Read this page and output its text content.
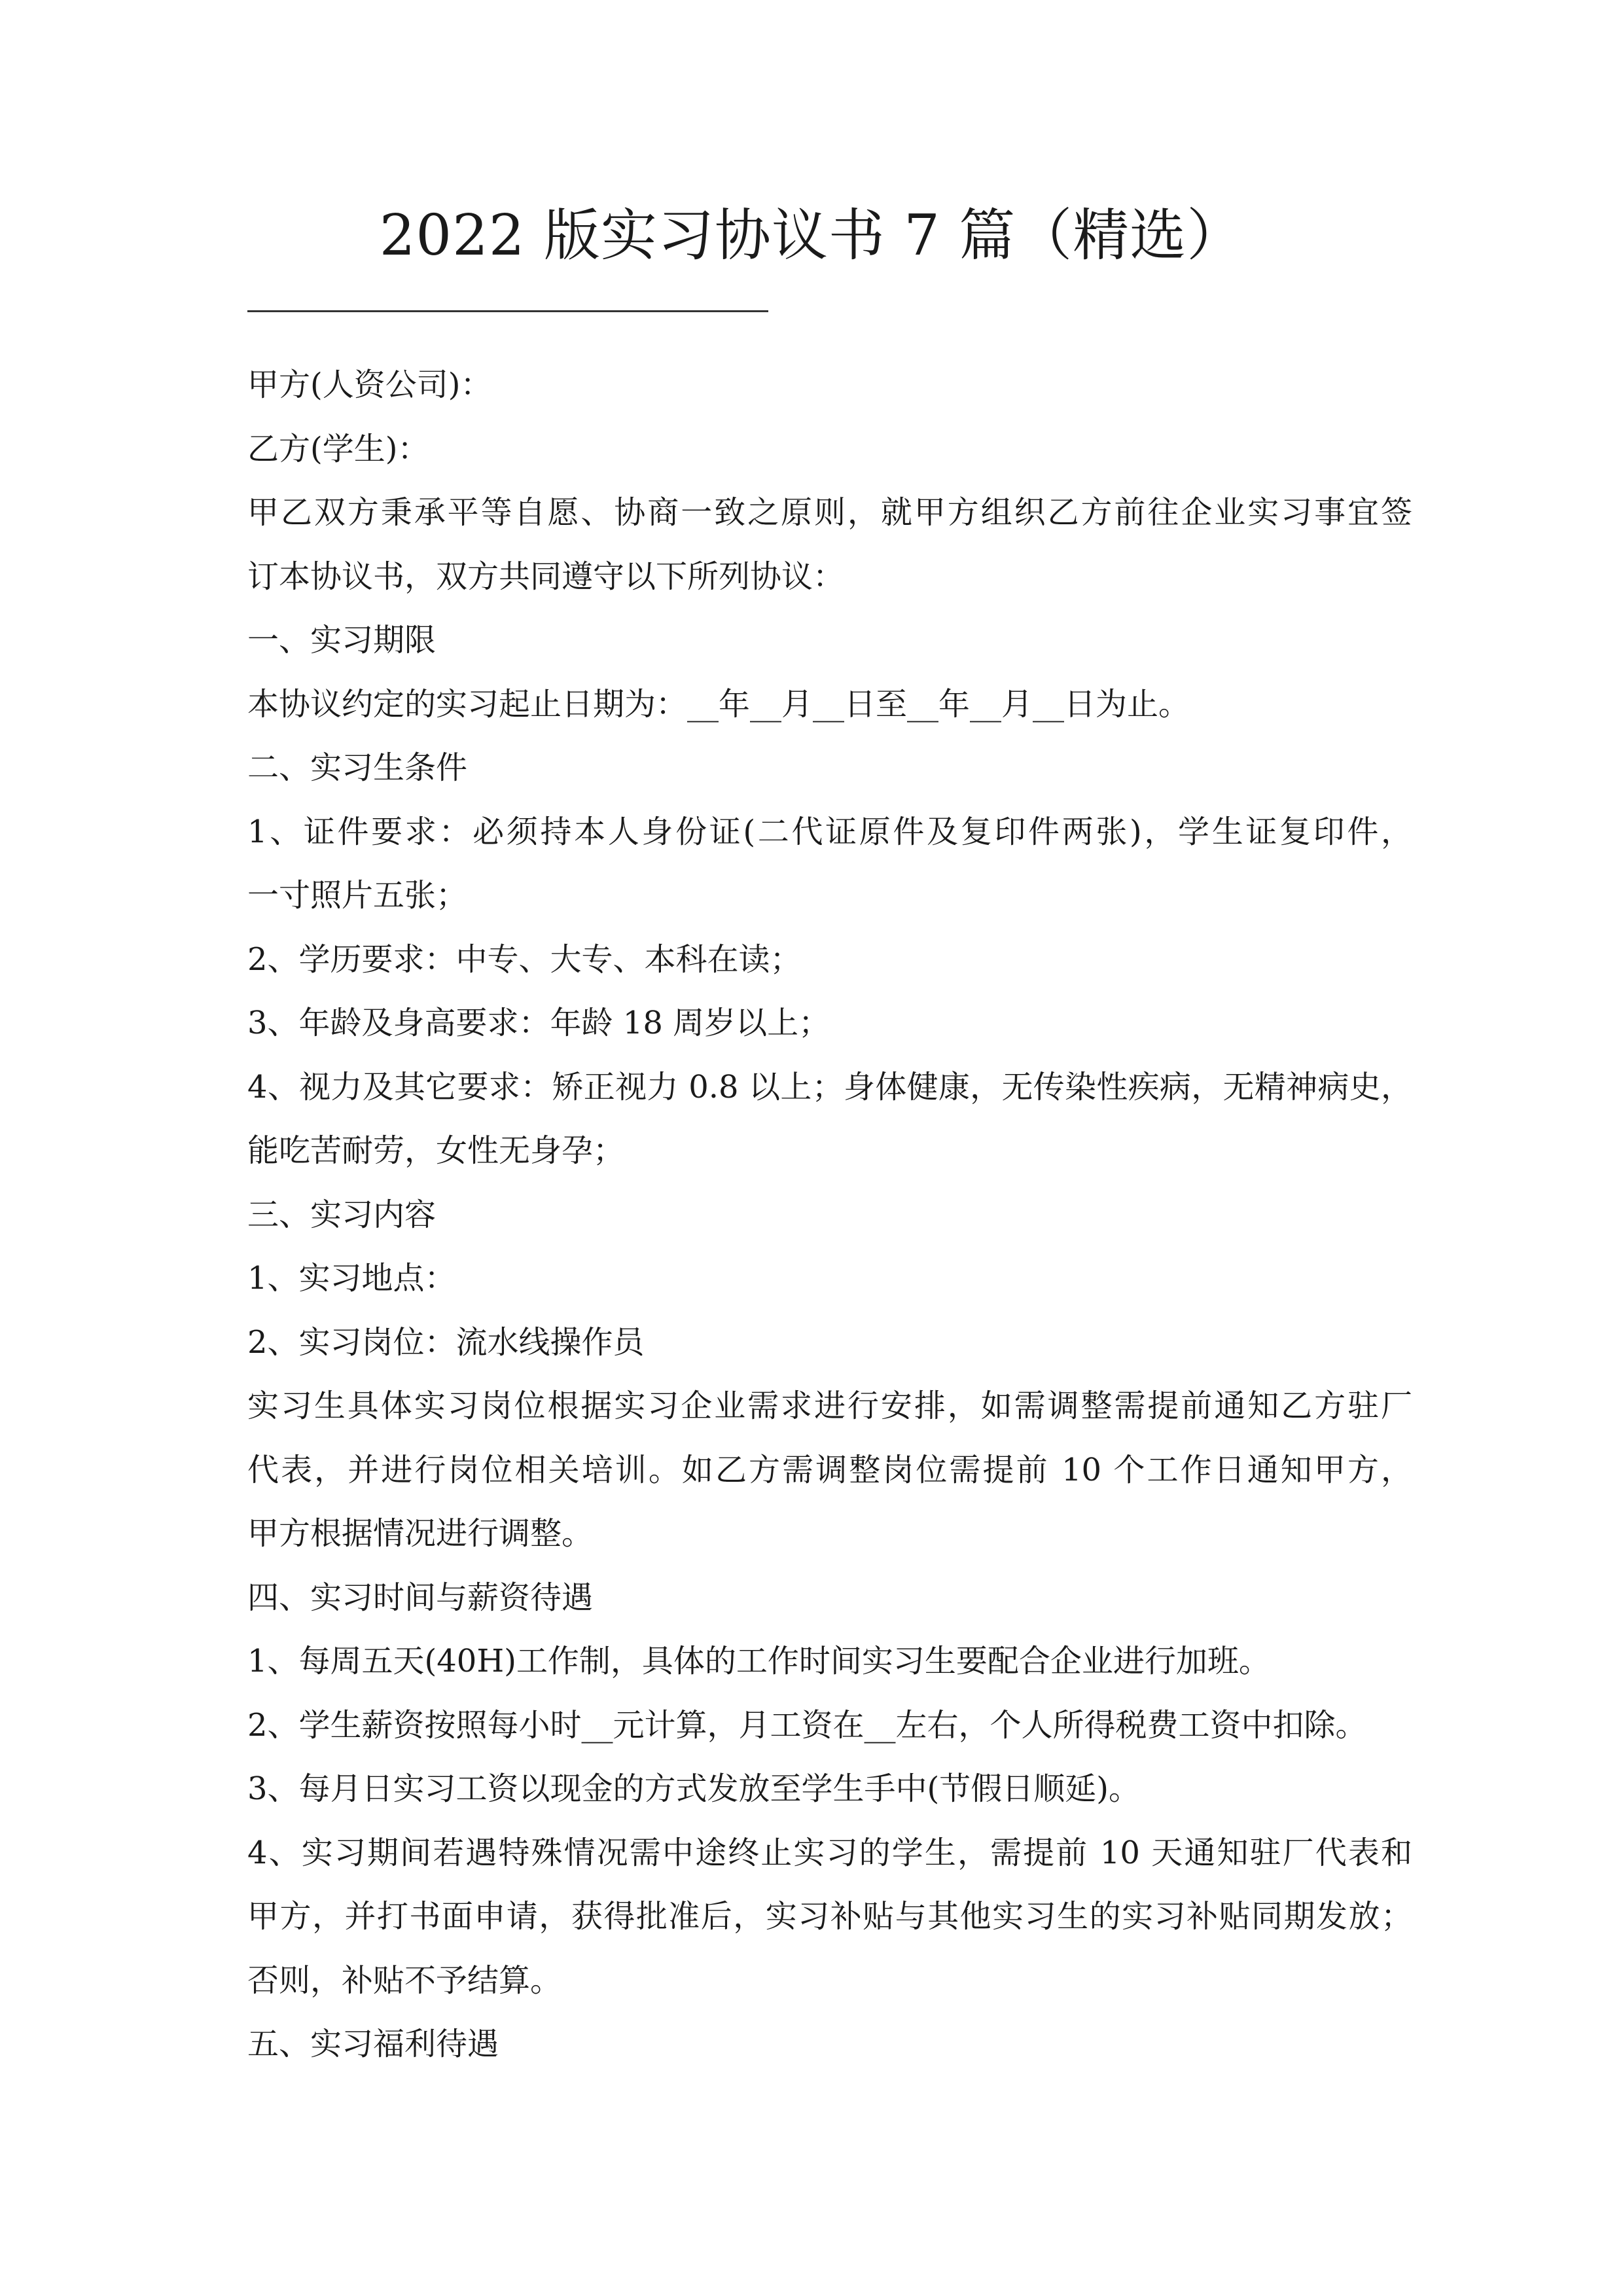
2022 版实习协议书 7 篇（精选）
甲方(人资公司)：
乙方(学生)：
甲乙双方秉承平等自愿、协商一致之原则，就甲方组织乙方前往企业实习事宜签
订本协议书，双方共同遵守以下所列协议：
一、实习期限
本协议约定的实习起止日期为：__年__月__日至__年__月__日为止。
二、实习生条件
1、证件要求：必须持本人身份证(二代证原件及复印件两张)，学生证复印件，
一寸照片五张；
2、学历要求：中专、大专、本科在读；
3、年龄及身高要求：年龄 18 周岁以上；
4、视力及其它要求：矫正视力 0.8 以上；身体健康，无传染性疾病，无精神病史，
能吃苦耐劳，女性无身孕；
三、实习内容
1、实习地点：
2、实习岗位：流水线操作员
实习生具体实习岗位根据实习企业需求进行安排，如需调整需提前通知乙方驻厂
代表，并进行岗位相关培训。如乙方需调整岗位需提前 10 个工作日通知甲方，
甲方根据情况进行调整。
四、实习时间与薪资待遇
1、每周五天(40H)工作制，具体的工作时间实习生要配合企业进行加班。
2、学生薪资按照每小时__元计算，月工资在__左右，个人所得税费工资中扣除。
3、每月日实习工资以现金的方式发放至学生手中(节假日顺延)。
4、实习期间若遇特殊情况需中途终止实习的学生，需提前 10 天通知驻厂代表和
甲方，并打书面申请，获得批准后，实习补贴与其他实习生的实习补贴同期发放；
否则，补贴不予结算。
五、实习福利待遇
